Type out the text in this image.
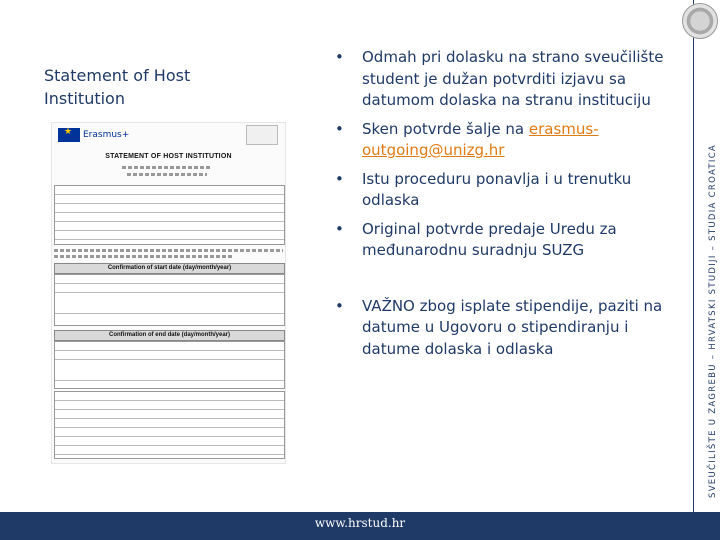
Statement of Host Institution
★
Erasmus+
STATEMENT OF HOST INSTITUTION
Confirmation of start date (day/month/year)
Confirmation of end date (day/month/year)
• Odmah pri dolasku na strano sveučilište student je dužan potvrditi izjavu sa datumom dolaska na stranu instituciju
• Sken potvrde šalje na erasmus-outgoing@unizg.hr
• Istu proceduru ponavlja i u trenutku odlaska
• Original potvrde predaje Uredu za međunarodnu suradnju SUZG
• VAŽNO zbog isplate stipendije, paziti na datume u Ugovoru o stipendiranju i datume dolaska i odlaska	SVEUČILIŠTE U ZAGREBU – HRVATSKI STUDIJI – STUDIA CROATICA
www.hrstud.hr
